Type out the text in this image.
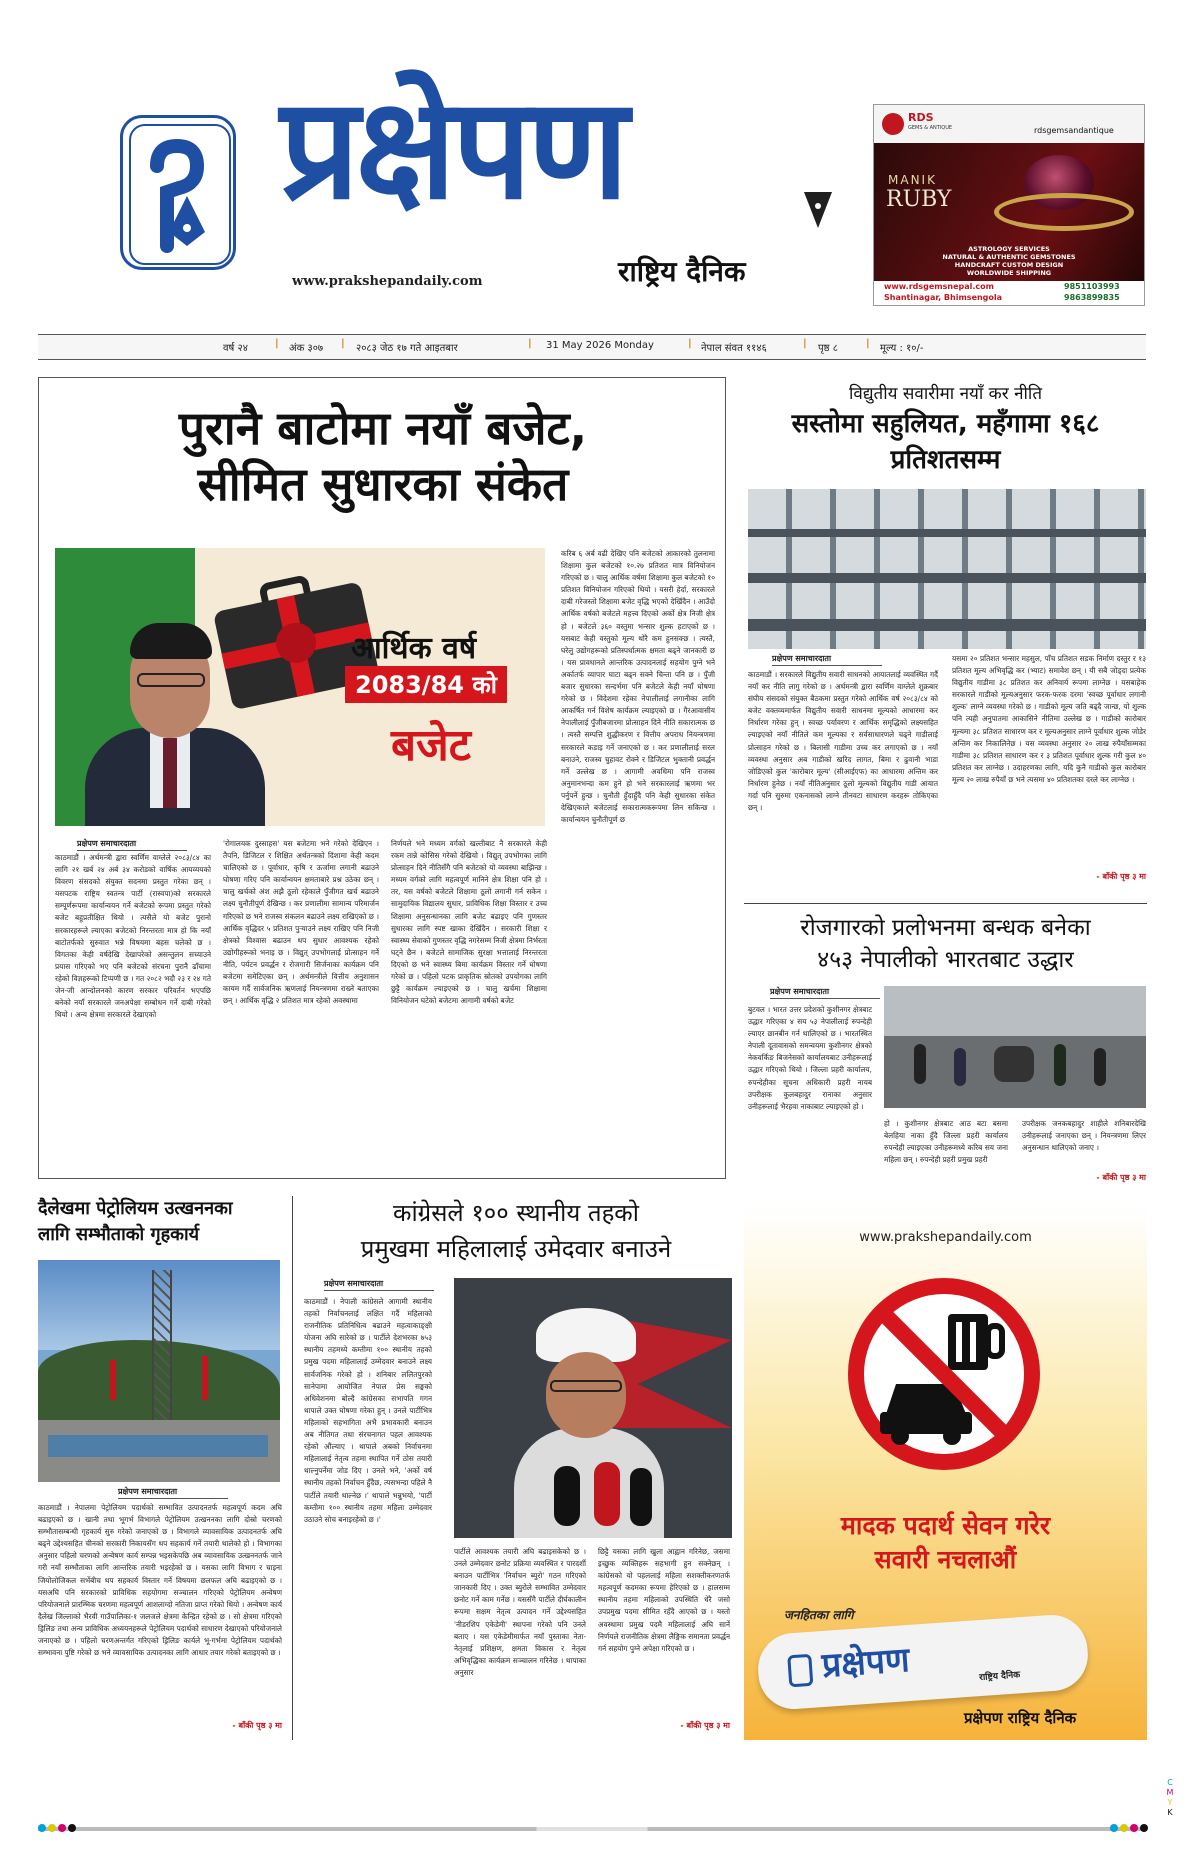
प्रक्षेपण
राष्ट्रिय दैनिक
www.prakshepandaily.com
RDS
GEMS & ANTIQUE	rdsgemsandantique
MANIK
RUBY
ASTROLOGY SERVICES
NATURAL & AUTHENTIC GEMSTONES
HANDCRAFT CUSTOM DESIGN
WORLDWIDE SHIPPING
www.rdsgemsnepal.com
Shantinagar, Bhimsengola
9851103993
9863899835
वर्ष २४	| अंक ३०७ | २०८३ जेठ १७ गते आइतबार	| 31 May 2026 Monday	| नेपाल संवत ११४६	| पृष्ठ ८	| मूल्य : १०/-
पुरानै बाटोमा नयाँ बजेट,
सीमित सुधारका संकेत
आर्थिक वर्ष
2083/84 को
बजेट
करिब ६ अर्ब वढी देखिए पनि बजेटको आकारको तुलनामा शिक्षामा कुल बजेटको १०.२७ प्रतिशत मात्र विनियोजन गरिएको छ । चालु आर्थिक वर्षमा शिक्षामा कुल बजेटको १० प्रतिशत विनियोजन गरिएको थियो । यसरी हेर्दा, सरकारले दाबी गरेजस्तो शिक्षामा बजेट वृद्धि भएको देखिँदैन । आउँदो आर्थिक वर्षको बजेटले महत्त्व दिएको अर्को क्षेत्र निजी क्षेत्र हो । बजेटले ३६० वस्तुमा भन्सार शुल्क हटाएको छ । यसबाट केही वस्तुको मूल्य थोरै कम हुनसक्छ । त्यस्तै, घरेलु उद्योगहरूको प्रतिस्पर्धात्मक क्षमता बढ्ने जानकारी छ । यस प्रावधानले आन्तरिक उत्पादनलाई सहयोग पुग्ने भने अर्कातर्फ व्यापार घाटा बढ्न सक्ने चिन्ता पनि छ । पुँजी बजार सुधारका सन्दर्भमा पनि बजेटले केही नयाँ घोषणा गरेको छ । विदेशमा रहेका नेपालीलाई लगानीका लागि आकर्षित गर्न विशेष कार्यक्रम ल्याइएको छ । गैरआवासीय नेपालीलाई पुँजीबजारमा प्रोत्साहन दिने नीति सकारात्मक छ । त्यस्तै सम्पत्ति शुद्धीकरण र वित्तीय अपराध नियन्त्रणमा सरकारले कडाइ गर्ने जनाएको छ । कर प्रणालीलाई सरल बनाउने, राजस्व चुहावट रोक्ने र डिजिटल भुक्तानी प्रवर्द्धन गर्ने उल्लेख छ । आगामी अवधिमा पनि राजस्व अनुमानभन्दा कम हुने हो भने सरकारलाई ऋणमा भर पर्नुपर्ने हुन्छ । चुनौती हुँदाहुँदै पनि केही सुधारका संकेत देखिएकाले बजेटलाई सकारात्मकरूपमा लिन सकिन्छ । कार्यान्वयन चुनौतीपूर्ण छ
प्रक्षेपण समाचारदाता
काठमाडौं । अर्थमन्त्री द्वारा स्वर्णिम वाग्लेले २०८३/८४ का लागि २१ खर्ब २४ अर्ब ३४ करोडको वार्षिक आयव्ययको विवरण संसदको संयुक्त सदनमा प्रस्तुत गरेका छन् । यसपटक राष्ट्रिय स्वतन्त्र पार्टी (रास्वपा)को सरकारले सम्पूर्णरूपमा कार्यान्वयन गर्ने बजेटको रूपमा प्रस्तुत गरेको बजेट बहुप्रतीक्षित थियो । त्यसैले यो बजेट पुरानो सरकारहरूले ल्याएका बजेटको निरन्तरता मात्र हो कि नयाँ बाटोतर्फको सुरुवात भन्ने विषयमा बहस चलेको छ । विगतका केही वर्षदेखि देखापरेको असन्तुलन सच्याउने प्रयास गरिएको भए पनि बजेटको संरचना पुरानै ढाँचामा रहेको विज्ञहरूको टिप्पणी छ । गत २०८२ भदौ २३ र २४ गते जेन-जी आन्दोलनको कारण सरकार परिवर्तन भएपछि बनेको नयाँ सरकारले जनअपेक्षा सम्बोधन गर्ने दाबी गरेको थियो । अन्य क्षेत्रमा सरकारले देखाएको
'रोगालयक दुस्साहस' यस बजेटमा भने गरेको देखिएन । तैपनि, डिजिटल र शिक्षित अर्थतन्त्रको दिशामा केही कदम चालिएको छ । पूर्वाधार, कृषि र ऊर्जामा लगानी बढाउने घोषणा गरिए पनि कार्यान्वयन क्षमताबारे प्रश्न उठेका छन् । चालु खर्चको अंश अझै ठूलो रहेकाले पुँजीगत खर्च बढाउने लक्ष्य चुनौतीपूर्ण देखिन्छ । कर प्रणालीमा सामान्य परिमार्जन गरिएको छ भने राजस्व संकलन बढाउने लक्ष्य राखिएको छ । आर्थिक वृद्धिदर ५ प्रतिशत पुर्‍याउने लक्ष्य राखिए पनि निजी क्षेत्रको विश्वास बढाउन थप सुधार आवश्यक रहेको उद्योगीहरूको भनाइ छ । विद्युत् उपभोगलाई प्रोत्साहन गर्ने नीति, पर्यटन प्रवर्द्धन र रोजगारी सिर्जनाका कार्यक्रम पनि बजेटमा समेटिएका छन् । अर्थमन्त्रीले वित्तीय अनुशासन कायम गर्दै सार्वजनिक ऋणलाई नियन्त्रणमा राख्ने बताएका छन् । आर्थिक वृद्धि २ प्रतिशत मात्र रहेको अवस्थामा
निर्णयले भने मध्यम वर्गको खल्तीबाट नै सरकारले केही रकम तान्ने कोसिस गरेको देखियो । विद्युत् उपभोगका लागि प्रोत्साहन दिने नीतिसँगै पनि बजेटको यो व्यवस्था बाझिन्छ । मध्यम वर्गको लागि महत्वपूर्ण मानिने क्षेत्र शिक्षा पनि हो । तर, यस वर्षको बजेटले शिक्षामा ठूलो लगानी गर्न सकेन । सामुदायिक विद्यालय सुधार, प्राविधिक शिक्षा विस्तार र उच्च शिक्षामा अनुसन्धानका लागि बजेट बढाइए पनि गुणस्तर सुधारका लागि स्पष्ट खाका देखिँदैन । सरकारी शिक्षा र स्वास्थ्य सेवाको गुणस्तर वृद्धि नगरेसम्म निजी क्षेत्रमा निर्भरता घट्ने छैन । बजेटले सामाजिक सुरक्षा भत्तालाई निरन्तरता दिएको छ भने स्वास्थ्य बिमा कार्यक्रम विस्तार गर्ने घोषणा गरेको छ । पहिलो पटक प्राकृतिक स्रोतको उपयोगका लागि छुट्टै कार्यक्रम ल्याइएको छ । चालु खर्चमा शिक्षामा विनियोजन घटेको बजेटमा आगामी वर्षको बजेट
विद्युतीय सवारीमा नयाँ कर नीति
सस्तोमा सहुलियत, महँगामा १६८
प्रतिशतसम्म
प्रक्षेपण समाचारदाता
काठमाडौं । सरकारले विद्युतीय सवारी साधनको आयातलाई व्यवस्थित गर्दै नयाँ कर नीति लागु गरेको छ । अर्थमन्त्री द्वारा स्वर्णिम वाग्लेले शुक्रबार संघीय संसदको संयुक्त बैठकमा प्रस्तुत गरेको आर्थिक वर्ष २०८३/८४ को बजेट वक्तव्यमार्फत विद्युतीय सवारी साधनमा मूल्यको आधारमा कर निर्धारण गरेका हुन् । स्वच्छ पर्यावरण र आर्थिक समृद्धिको लक्ष्यसहित ल्याइएको नयाँ नीतिले कम मूल्यका र सर्वसाधारणले चढ्ने गाडीलाई प्रोत्साहन गरेको छ । बिलासी गाडीमा उच्च कर लगाएको छ । नयाँ व्यवस्था अनुसार अब गाडीको खरिद लागत, बिमा र ढुवानी भाडा जोडिएको कुल 'कारोबार मूल्य' (सीआईएफ) का आधारमा अन्तिम कर निर्धारण हुनेछ । नयाँ नीतिअनुसार ठूलो मूल्यको विद्युतीय गाडी आयात गर्दा पनि सुरुमा एकनासको लाग्ने तीनवटा साधारण करहरू तोकिएका छन् ।
यसमा २० प्रतिशत भन्सार महसुल, पाँच प्रतिशत सडक निर्माण दस्तुर र १३ प्रतिशत मूल्य अभिवृद्धि कर (भ्याट) समावेश छन् । यी सबै जोड्दा प्रत्येक विद्युतीय गाडीमा ३८ प्रतिशत कर अनिवार्य रूपमा लाग्नेछ । यसबाहेक सरकारले गाडीको मूल्यअनुसार फरक-फरक दरमा 'स्वच्छ पूर्वाधार लगानी शुल्क' लाग्ने व्यवस्था गरेको छ । गाडीको मूल्य जति बढ्दै जान्छ, यो शुल्क पनि त्यही अनुपातमा आकासिने नीतिमा उल्लेख छ । गाडीको कारोबार मूल्यमा ३८ प्रतिशत साधारण कर र मूल्यअनुसार लाग्ने पूर्वाधार शुल्क जोडेर अन्तिम कर निकालिनेछ । यस व्यवस्था अनुसार २० लाख रुपैयाँसम्मका गाडीमा ३८ प्रतिशत साधारण कर र ३ प्रतिशत पूर्वाधार शुल्क गरी कुल ४० प्रतिशत कर लाग्नेछ । उदाहरणका लागि, यदि कुनै गाडीको कुल कारोबार मूल्य २० लाख रुपैयाँ छ भने त्यसमा ४० प्रतिशतका दरले कर लाग्नेछ ।
- बाँकी पृष्ठ ३ मा
रोजगारको प्रलोभनमा बन्धक बनेका
४५३ नेपालीको भारतबाट उद्धार
प्रक्षेपण समाचारदाता
बुटवल । भारत उत्तर प्रदेशको कुशीनगर क्षेत्रबाट उद्धार गरिएका ४ सय ५३ नेपालीलाई रुपन्देही ल्याएर छानबीन गर्न थालिएको छ । भारतस्थित नेपाली दूतावासको समन्वयमा कुशीनगर क्षेत्रको नेकवर्किङ बिजनेसको कार्यालयबाट उनीहरूलाई उद्धार गरिएको थियो । जिल्ला प्रहरी कार्यालय, रुपन्देहीका सूचना अधिकारी प्रहरी नायब उपरीक्षक कुलबहादुर रानाका अनुसार उनीहरूलाई भैरहवा नाकाबाट ल्याइएको हो ।
हो । कुशीनगर क्षेत्रबाट आठ बटा बसमा बेलहिया नाका हुँदै जिल्ला प्रहरी कार्यालय रुपन्देही ल्याइएका उनीहरूमध्ये करिब सय जना महिला छन् । रुपन्देही प्रहरी प्रमुख प्रहरी
उपरीक्षक जनकबहादुर शाहीले शनिबारदेखि उनीहरूलाई जनाएका छन् । नियन्त्रणमा लिएर अनुसन्धान थालिएको जनाए ।
- बाँकी पृष्ठ ३ मा
दैलेखमा पेट्रोलियम उत्खननका
लागि सम्भौताको गृहकार्य
प्रक्षेपण समाचारदाता
काठमाडौं । नेपालमा पेट्रोलियम पदार्थको सम्भावित उत्पादनतर्फ महत्वपूर्ण कदम अघि बढाइएको छ । खानी तथा भूगर्भ विभागले पेट्रोलियम उत्खननका लागि दोस्रो चरणको सम्भौतासम्बन्धी गृहकार्य सुरु गरेको जनाएको छ । विभागले व्यावसायिक उत्पादनतर्फ अघि बढ्ने उद्देश्यसहित चीनको सरकारी निकायसँग थप सहकार्य गर्ने तयारी थालेको हो । विभागका अनुसार पहिलो चरणको अन्वेषण कार्य सम्पन्न भइसकेपछि अब व्यावसायिक उत्खननतर्फ जाने गरी नयाँ सम्भौताका लागि आन्तरिक तयारी भइरहेको छ । यसका लागि विभाग र चाइना जियोलोजिकल सर्भेबीच थप सहकार्य विस्तार गर्ने विषयमा छलफल अघि बढाइएको छ । यसअघि पनि सरकारको प्राविधिक सहयोगमा सञ्चालन गरिएको पेट्रोलियम अन्वेषण परियोजनाले प्रारम्भिक चरणमा महत्वपूर्ण आशलाग्दो नतिजा प्राप्त गरेको थियो । अन्वेषण कार्य दैलेख जिल्लाको भैरवी गाउँपालिका-१ जलजले क्षेत्रमा केन्द्रित रहेको छ । सो क्षेत्रमा गरिएको ड्रिलिङ तथा अन्य प्राविधिक अध्ययनहरूले पेट्रोलियम पदार्थको साधारण देखाएको परियोजनाले जनाएको छ । पहिलो चरणअन्तर्गत गरिएको ड्रिलिङ कार्यले भू-गर्भमा पेट्रोलियम पदार्थको सम्भावना पुष्टि गरेको छ भने व्यावसायिक उत्पादनका लागि आधार तयार गरेको बताइएको छ ।
- बाँकी पृष्ठ ३ मा
कांग्रेसले १०० स्थानीय तहको
प्रमुखमा महिलालाई उमेदवार बनाउने
प्रक्षेपण समाचारदाता
काठमाडौं । नेपाली कांग्रेसले आगामी स्थानीय तहको निर्वाचनलाई लक्षित गर्दै महिलाको राजनीतिक प्रतिनिधित्व बढाउने महत्वाकाङ्क्षी योजना अघि सारेको छ । पार्टीले देशभरका ७५३ स्थानीय तहमध्ये कम्तीमा १०० स्थानीय तहको प्रमुख पदमा महिलालाई उम्मेदवार बनाउने लक्ष्य सार्वजनिक गरेको हो । शनिबार ललितपुरको सानेपामा आयोजित नेपाल प्रेस सङ्घको अधिवेशनमा बोल्दै कांग्रेसका सभापति गगन थापाले उक्त घोषणा गरेका हुन् । उनले पार्टीभित्र महिलाको सहभागिता अभै प्रभावकारी बनाउन अब नीतिगत तथा संरचनागत पहल आवश्यक रहेको औंल्याए । थापाले अबको निर्वाचनमा महिलालाई नेतृत्व तहमा स्थापित गर्ने ठोस तयारी थाल्नुपर्नेमा जोड दिए । उनले भने, 'अर्को वर्ष स्थानीय तहको निर्वाचन हुँदैछ, त्यसभन्दा पहिले नै पार्टीले तयारी थाल्नेछ ।' थापाले भन्नुभयो, 'पार्टी कम्तीमा १०० स्थानीय तहमा महिला उम्मेदवार उठाउने सोच बनाइरहेको छ ।'
पार्टीले आवश्यक तयारी अघि बढाइसकेको छ । उनले उम्मेदवार छनोट प्रक्रिया व्यवस्थित र पारदर्शी बनाउन पार्टीभित्र 'निर्वाचन ब्युरो' गठन गरिएको जानकारी दिए । उक्त ब्युरोले सम्भावित उम्मेदवार छनोट गर्ने काम गर्नेछ । यससँगै पार्टीले दीर्घकालीन रूपमा सक्षम नेतृत्व उत्पादन गर्ने उद्देश्यसहित 'नीडरशिप एकेडेमी' स्थापना गरेको पनि उनले बताए । यस एकेडेमीमार्फत नयाँ पुस्ताका नेता-नेतृलाई प्रशिक्षण, क्षमता विकास र नेतृत्व अभिवृद्धिका कार्यक्रम सञ्चालन गरिनेछ । थापाका अनुसार
छिट्टै यसका लागि खुला आह्वान गरिनेछ, जसमा इच्छुक व्यक्तिहरू सहभागी हुन सक्नेछन् । कांग्रेसको यो पहललाई महिला सशक्तीकरणतर्फ महत्वपूर्ण कदमका रूपमा हेरिएको छ । हालसम्म स्थानीय तहमा महिलाको उपस्थिति धेरै जसो उपप्रमुख पदमा सीमित रहँदै आएको छ । यस्तो अवस्थामा प्रमुख पदमै महिलालाई अघि सार्ने निर्णयले राजनीतिक क्षेत्रमा लैङ्गिक समानता प्रवर्द्धन गर्न सहयोग पुग्ने अपेक्षा गरिएको छ ।
- बाँकी पृष्ठ ३ मा
www.prakshepandaily.com
मादक पदार्थ सेवन गरेर
सवारी नचलाऔं
जनहितका लागि
प्रक्षेपण	राष्ट्रिय दैनिक
प्रक्षेपण राष्ट्रिय दैनिक
C
M
Y
K
